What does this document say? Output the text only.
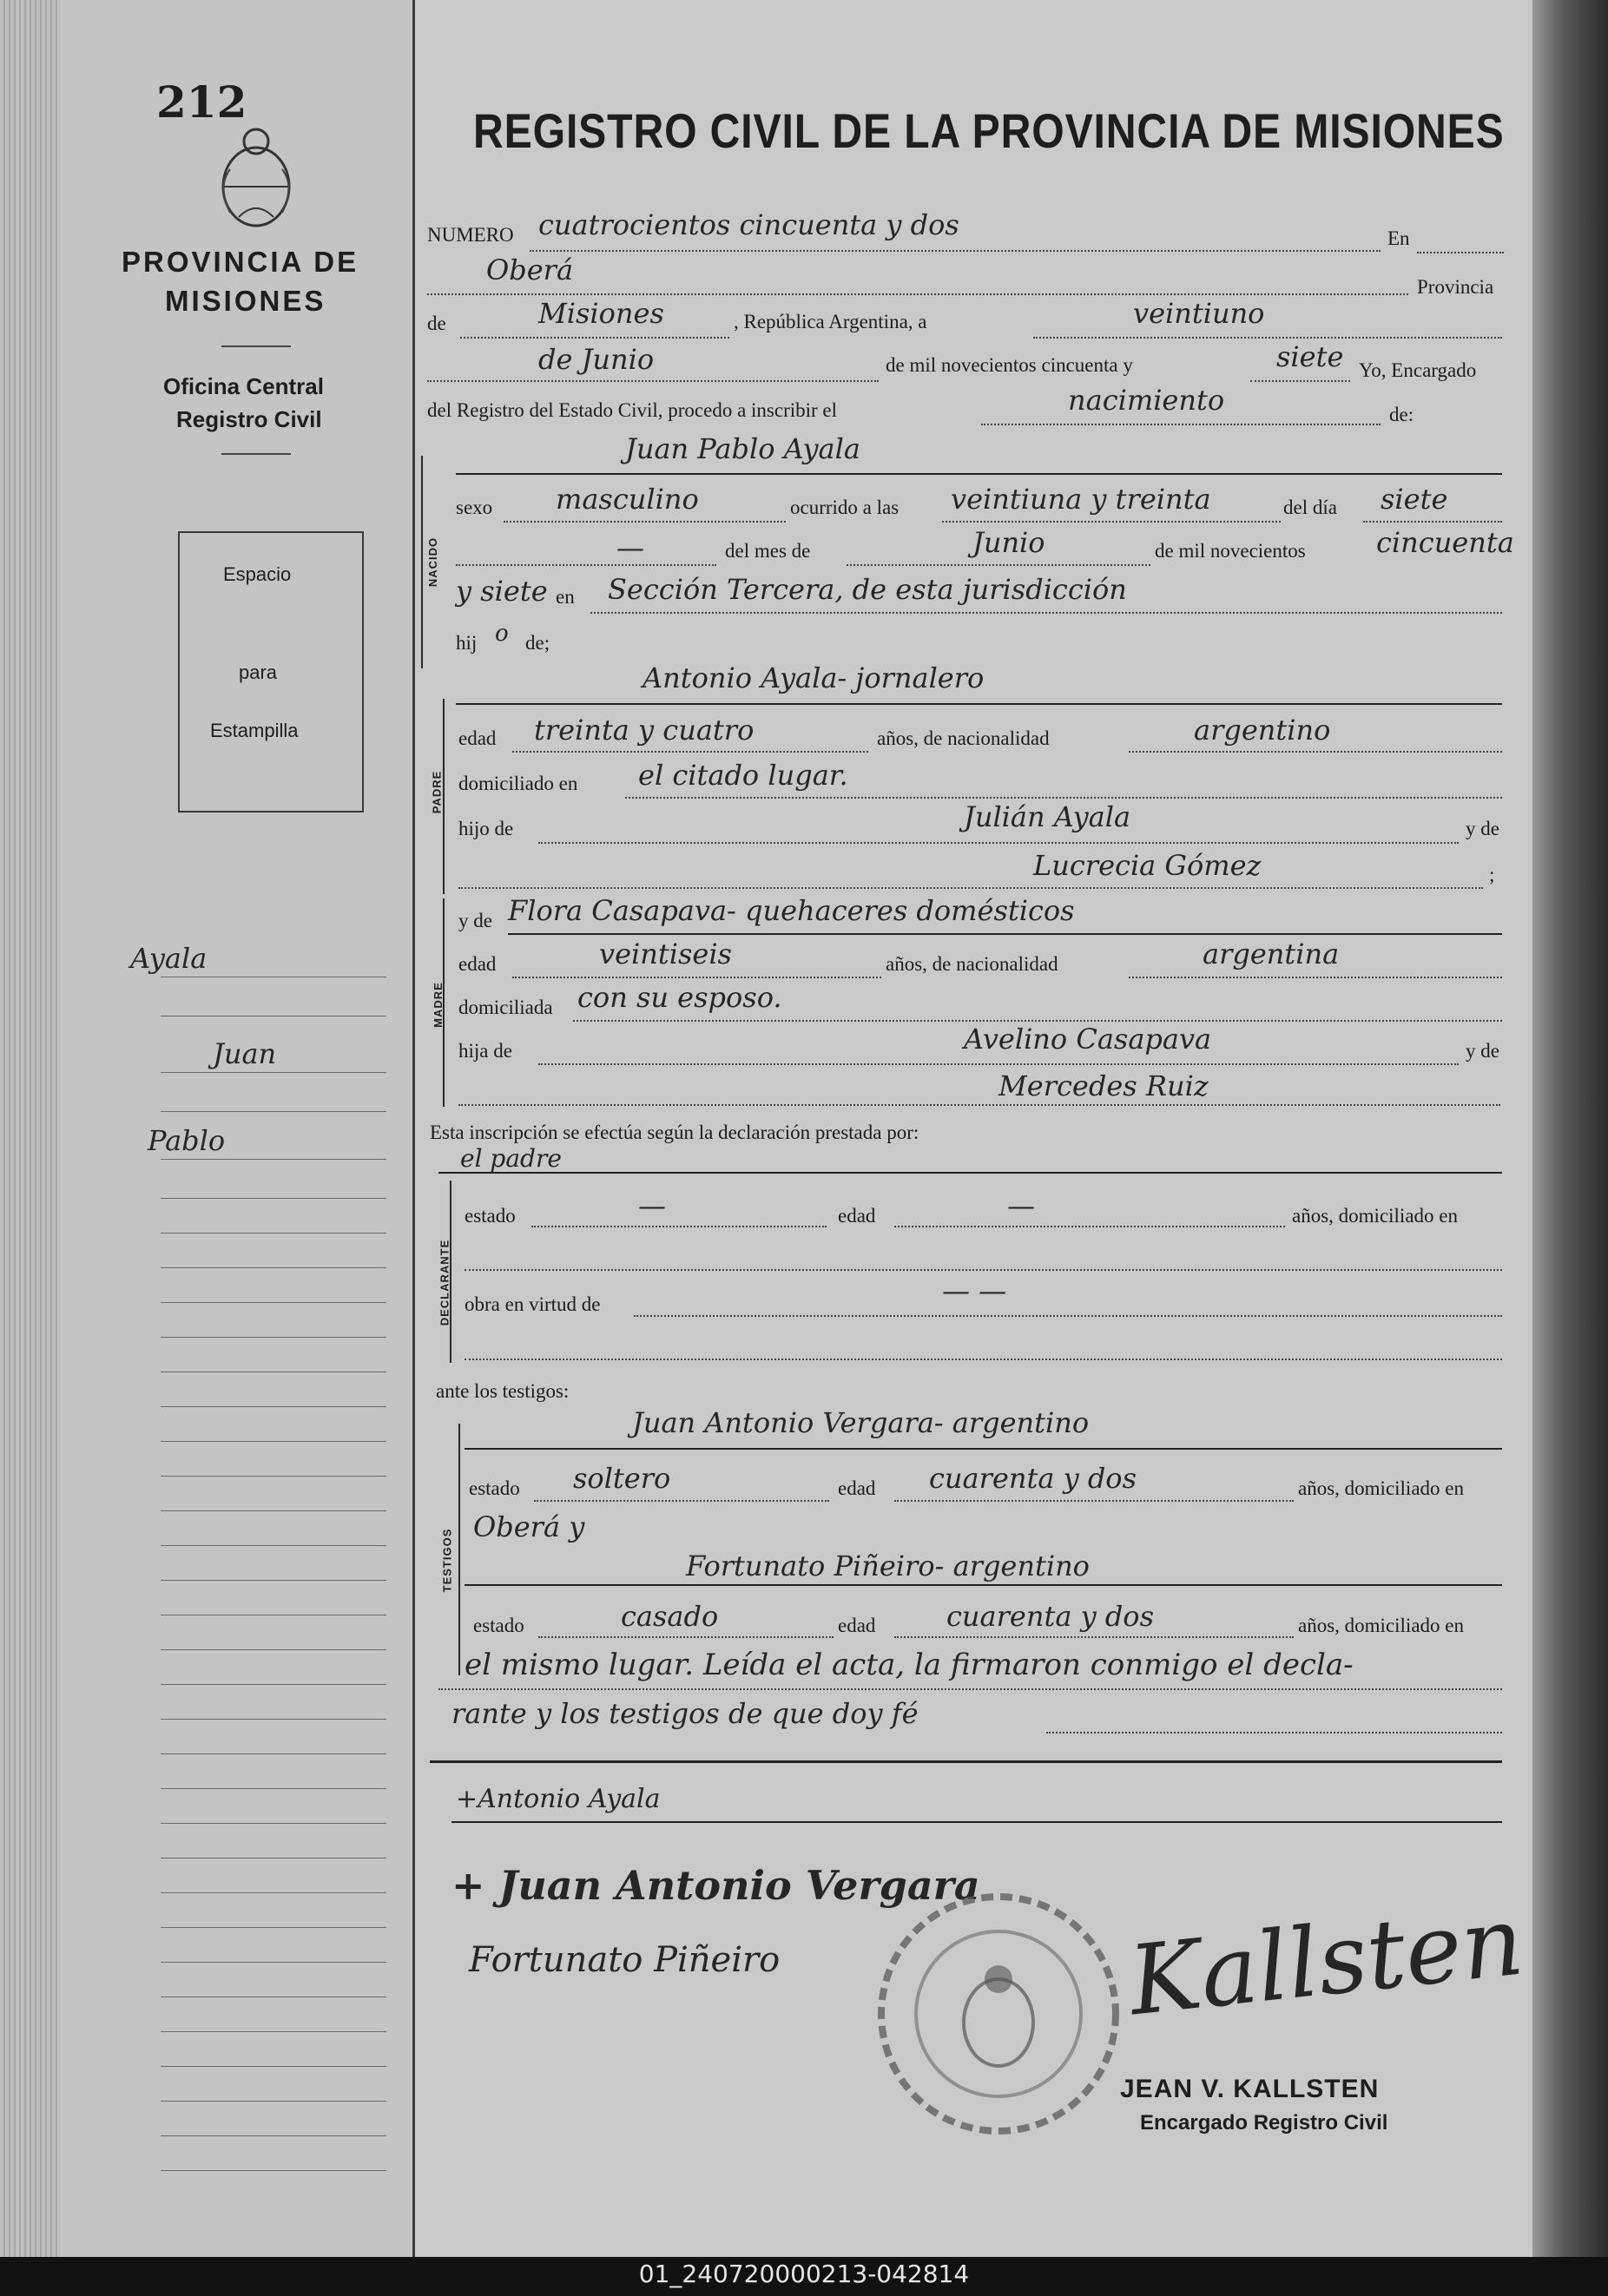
212
PROVINCIA DE
MISIONES
Oficina Central
Registro Civil
Espacio
para
Estampilla
Ayala
Juan
Pablo
REGISTRO CIVIL DE LA PROVINCIA DE MISIONES
NUMERO cuatrocientos cincuenta y dos	En
Oberá
Provincia
de	Misiones	, República Argentina, a	veintiuno
de Junio	de mil novecientos cincuenta y	siete Yo, Encargado
del Registro del Estado Civil, procedo a inscribir el	nacimiento	de:
NACIDO
Juan Pablo Ayala
sexo masculino	ocurrido a las veintiuna y treinta	del día siete
—	del mes de	Junio	de mil novecientos	cincuenta
y siete en Sección Tercera, de esta jurisdicción
hij o de;
PADRE
Antonio Ayala- jornalero
edad treinta y cuatro	años, de nacionalidad	argentino
domiciliado en el citado lugar.
hijo de	Julián Ayala	y de
Lucrecia Gómez	;
MADRE
y de Flora Casapava- quehaceres domésticos
edad	veintiseis	años, de nacionalidad	argentina
domiciliada con su esposo.
hija de	Avelino Casapava	y de
Mercedes Ruiz
Esta inscripción se efectúa según la declaración prestada por:
el padre
DECLARANTE
estado	—	edad	—	años, domiciliado en
obra en virtud de	— —
ante los testigos:
Juan Antonio Vergara- argentino
TESTIGOS
estado soltero	edad cuarenta y dos	años, domiciliado en
Oberá y
Fortunato Piñeiro- argentino
estado	casado	edad	cuarenta y dos	años, domiciliado en
el mismo lugar. Leída el acta, la firmaron conmigo el decla-
rante y los testigos de que doy fé
+Antonio Ayala
+ Juan Antonio Vergara
Fortunato Piñeiro	Kallsten
JEAN V. KALLSTEN
Encargado Registro Civil
01_240720000213-042814
